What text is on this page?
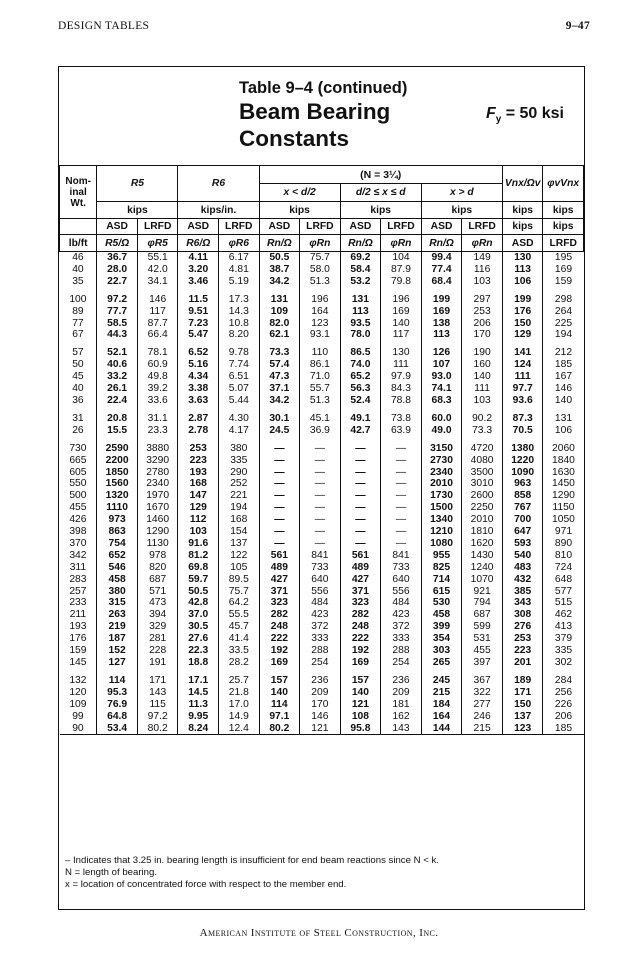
DESIGN TABLES	9–47
Table 9–4 (continued)
Beam Bearing
Constants
$F_y = 50$ ksi
Nom-
inal
Wt.	R5		R6		(N = 3¼)						Vnx/Ωv	φvVnx
					x < d/2		d/2 ≤ x ≤ d		x > d			
	kips		kips/in.		kips		kips		kips		kips	kips
	ASD	LRFD	ASD	LRFD	ASD	LRFD	ASD	LRFD	ASD	LRFD	kips	kips
lb/ft	R5/Ω	φR5	R6/Ω	φR6	Rn/Ω	φRn	Rn/Ω	φRn	Rn/Ω	φRn	ASD	LRFD
46	36.7	55.1	4.11	6.17	50.5	75.7	69.2	104	99.4	149	130	195
40	28.0	42.0	3.20	4.81	38.7	58.0	58.4	87.9	77.4	116	113	169
35	22.7	34.1	3.46	5.19	34.2	51.3	53.2	79.8	68.4	103	106	159

100	97.2	146	11.5	17.3	131	196	131	196	199	297	199	298
89	77.7	117	9.51	14.3	109	164	113	169	169	253	176	264
77	58.5	87.7	7.23	10.8	82.0	123	93.5	140	138	206	150	225
67	44.3	66.4	5.47	8.20	62.1	93.1	78.0	117	113	170	129	194

57	52.1	78.1	6.52	9.78	73.3	110	86.5	130	126	190	141	212
50	40.6	60.9	5.16	7.74	57.4	86.1	74.0	111	107	160	124	185
45	33.2	49.8	4.34	6.51	47.3	71.0	65.2	97.9	93.0	140	111	167
40	26.1	39.2	3.38	5.07	37.1	55.7	56.3	84.3	74.1	111	97.7	146
36	22.4	33.6	3.63	5.44	34.2	51.3	52.4	78.8	68.3	103	93.6	140

31	20.8	31.1	2.87	4.30	30.1	45.1	49.1	73.8	60.0	90.2	87.3	131
26	15.5	23.3	2.78	4.17	24.5	36.9	42.7	63.9	49.0	73.3	70.5	106

730	2590	3880	253	380	—	—	—	—	3150	4720	1380	2060
665	2200	3290	223	335	—	—	—	—	2730	4080	1220	1840
605	1850	2780	193	290	—	—	—	—	2340	3500	1090	1630
550	1560	2340	168	252	—	—	—	—	2010	3010	963	1450
500	1320	1970	147	221	—	—	—	—	1730	2600	858	1290
455	1110	1670	129	194	—	—	—	—	1500	2250	767	1150
426	973	1460	112	168	—	—	—	—	1340	2010	700	1050
398	863	1290	103	154	—	—	—	—	1210	1810	647	971
370	754	1130	91.6	137	—	—	—	—	1080	1620	593	890
342	652	978	81.2	122	561	841	561	841	955	1430	540	810
311	546	820	69.8	105	489	733	489	733	825	1240	483	724
283	458	687	59.7	89.5	427	640	427	640	714	1070	432	648
257	380	571	50.5	75.7	371	556	371	556	615	921	385	577
233	315	473	42.8	64.2	323	484	323	484	530	794	343	515
211	263	394	37.0	55.5	282	423	282	423	458	687	308	462
193	219	329	30.5	45.7	248	372	248	372	399	599	276	413
176	187	281	27.6	41.4	222	333	222	333	354	531	253	379
159	152	228	22.3	33.5	192	288	192	288	303	455	223	335
145	127	191	18.8	28.2	169	254	169	254	265	397	201	302

132	114	171	17.1	25.7	157	236	157	236	245	367	189	284
120	95.3	143	14.5	21.8	140	209	140	209	215	322	171	256
109	76.9	115	11.3	17.0	114	170	121	181	184	277	150	226
99	64.8	97.2	9.95	14.9	97.1	146	108	162	164	246	137	206
90	53.4	80.2	8.24	12.4	80.2	121	95.8	143	144	215	123	185
– Indicates that 3.25 in. bearing length is insufficient for end beam reactions since N < k.
N = length of bearing.
x = location of concentrated force with respect to the member end.
American Institute of Steel Construction, Inc.
